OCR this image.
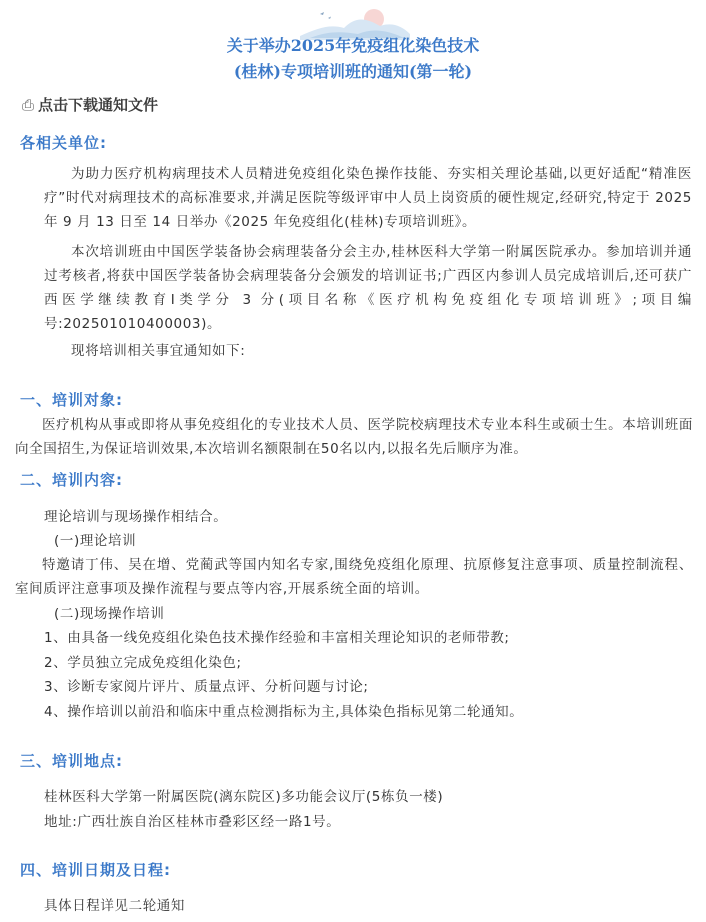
关于举办2025年免疫组化染色技术
(桂林)专项培训班的通知(第一轮)
⎙ 点击下载通知文件
各相关单位:

为助力医疗机构病理技术人员精进免疫组化染色操作技能、夯实相关理论基础,以更好适配“精准医疗”时代对病理技术的高标准要求,并满足医院等级评审中人员上岗资质的硬性规定,经研究,特定于 2025 年 9 月 13 日至 14 日举办《2025 年免疫组化(桂林)专项培训班》。

本次培训班由中国医学装备协会病理装备分会主办,桂林医科大学第一附属医院承办。参加培训并通过考核者,将获中国医学装备协会病理装备分会颁发的培训证书;广西区内参训人员完成培训后,还可获广西医学继续教育Ⅰ类学分 3 分(项目名称《医疗机构免疫组化专项培训班》;项目编号:202501010400003)。

现将培训相关事宜通知如下:
一、培训对象:

医疗机构从事或即将从事免疫组化的专业技术人员、医学院校病理技术专业本科生或硕士生。本培训班面向全国招生,为保证培训效果,本次培训名额限制在50名以内,以报名先后顺序为准。

二、培训内容:
理论培训与现场操作相结合。
(一)理论培训

特邀请丁伟、吴在增、党蔺武等国内知名专家,围绕免疫组化原理、抗原修复注意事项、质量控制流程、室间质评注意事项及操作流程与要点等内容,开展系统全面的培训。

(二)现场操作培训
1、由具备一线免疫组化染色技术操作经验和丰富相关理论知识的老师带教;
2、学员独立完成免疫组化染色;
3、诊断专家阅片评片、质量点评、分析问题与讨论;
4、操作培训以前沿和临床中重点检测指标为主,具体染色指标见第二轮通知。
三、培训地点:
桂林医科大学第一附属医院(漓东院区)多功能会议厅(5栋负一楼)
地址:广西壮族自治区桂林市叠彩区经一路1号。
四、培训日期及日程:
具体日程详见二轮通知
